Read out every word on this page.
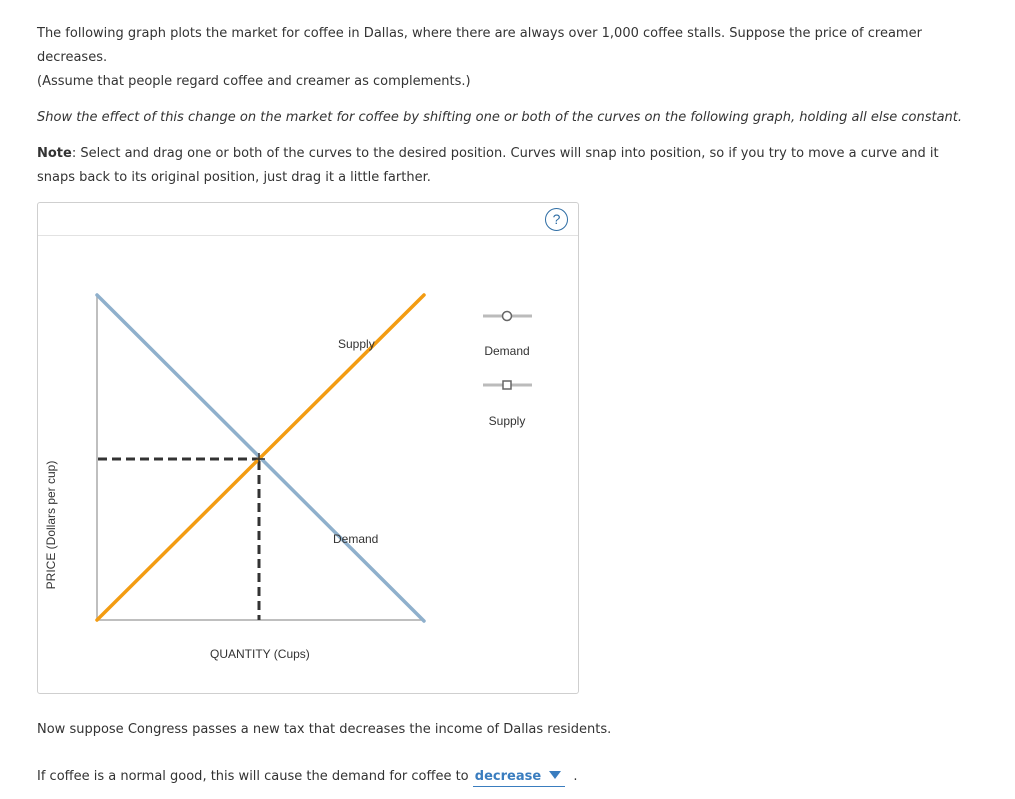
The following graph plots the market for coffee in Dallas, where there are always over 1,000 coffee stalls. Suppose the price of creamer decreases.
(Assume that people regard coffee and creamer as complements.)

Show the effect of this change on the market for coffee by shifting one or both of the curves on the following graph, holding all else constant.

Note: Select and drag one or both of the curves to the desired position. Curves will snap into position, so if you try to move a curve and it snaps back to its original position, just drag it a little farther.

?
PRICE (Dollars per cup)
Supply
Demand
QUANTITY (Cups)
Demand
Supply

Now suppose Congress passes a new tax that decreases the income of Dallas residents.

If coffee is a normal good, this will cause the demand for coffee to decrease .
